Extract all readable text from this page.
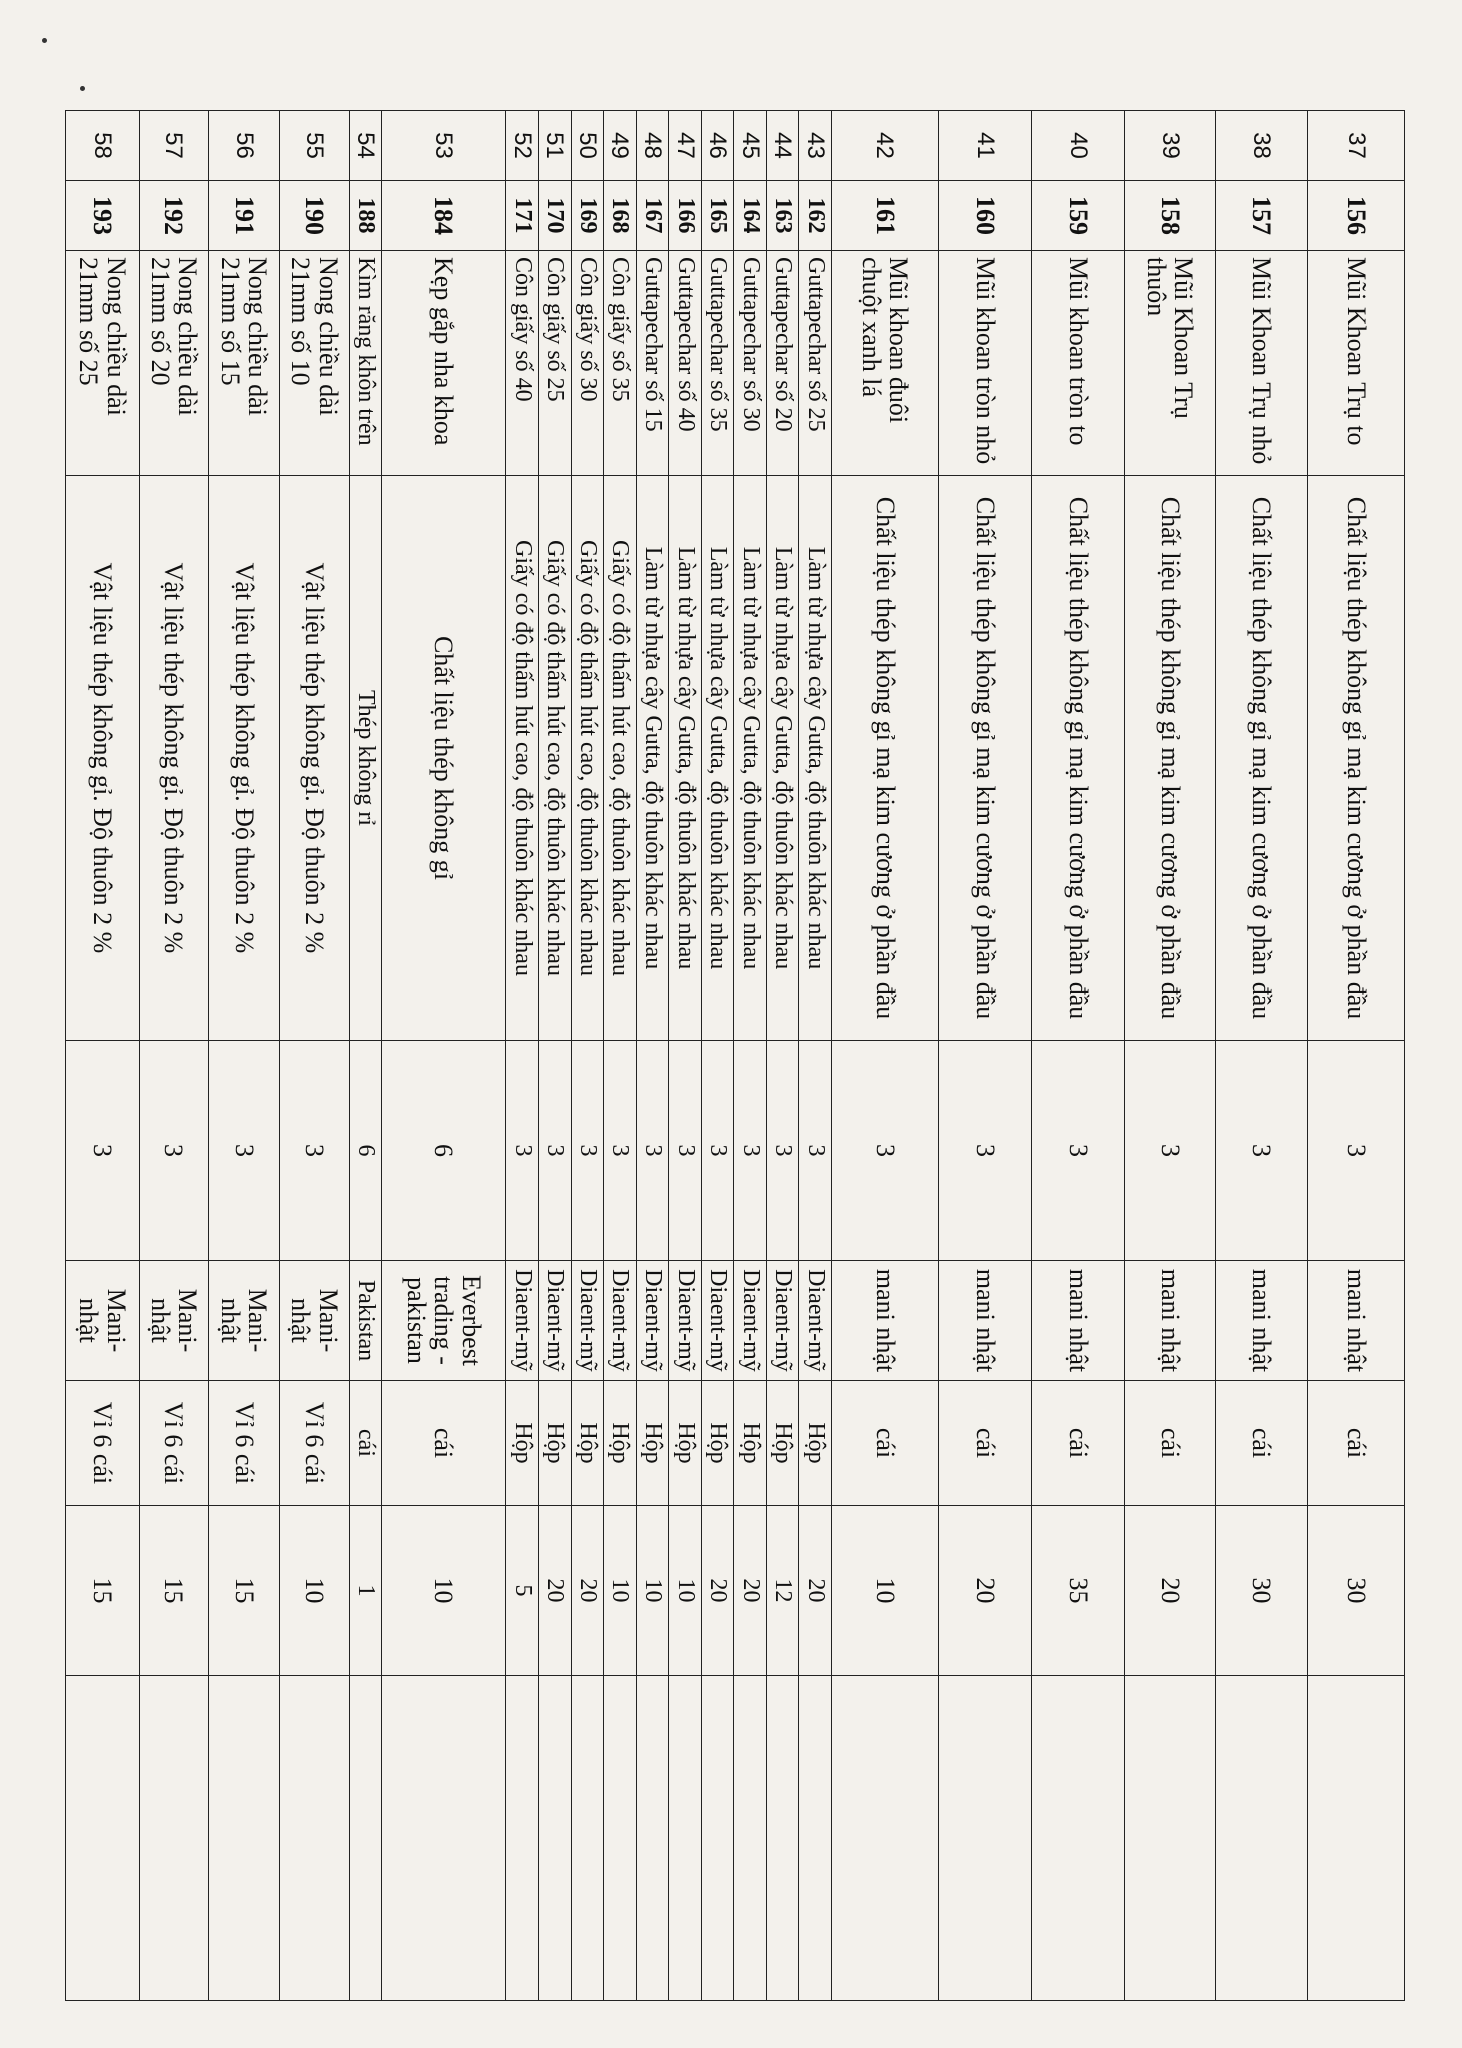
37	156	Mũi Khoan Trụ to	Chất liệu thép không gỉ mạ kim cương ở phần đầu	3	mani nhật	cái	30	
38	157	Mũi Khoan Trụ nhỏ	Chất liệu thép không gỉ mạ kim cương ở phần đầu	3	mani nhật	cái	30	
39	158	Mũi Khoan Trụ thuôn	Chất liệu thép không gỉ mạ kim cương ở phần đầu	3	mani nhật	cái	20	
40	159	Mũi khoan tròn to	Chất liệu thép không gỉ mạ kim cương ở phần đầu	3	mani nhật	cái	35	
41	160	Mũi khoan tròn nhỏ	Chất liệu thép không gỉ mạ kim cương ở phần đầu	3	mani nhật	cái	20	
42	161	Mũi khoan đuôi chuột xanh lá	Chất liệu thép không gỉ mạ kim cương ở phần đầu	3	mani nhật	cái	10	
43	162	Guttapechar số 25	Làm từ nhựa cây Gutta, độ thuôn khác nhau	3	Diaent-mỹ	Hộp	20	
44	163	Guttapechar số 20	Làm từ nhựa cây Gutta, độ thuôn khác nhau	3	Diaent-mỹ	Hộp	12	
45	164	Guttapechar số 30	Làm từ nhựa cây Gutta, độ thuôn khác nhau	3	Diaent-mỹ	Hộp	20	
46	165	Guttapechar số 35	Làm từ nhựa cây Gutta, độ thuôn khác nhau	3	Diaent-mỹ	Hộp	20	
47	166	Guttapechar số 40	Làm từ nhựa cây Gutta, độ thuôn khác nhau	3	Diaent-mỹ	Hộp	10	
48	167	Guttapechar số 15	Làm từ nhựa cây Gutta, độ thuôn khác nhau	3	Diaent-mỹ	Hộp	10	
49	168	Côn giấy số 35	Giấy có độ thấm hút cao, độ thuôn khác nhau	3	Diaent-mỹ	Hộp	10	
50	169	Côn giấy số 30	Giấy có độ thấm hút cao, độ thuôn khác nhau	3	Diaent-mỹ	Hộp	20	
51	170	Côn giấy số 25	Giấy có độ thấm hút cao, độ thuôn khác nhau	3	Diaent-mỹ	Hộp	20	
52	171	Côn giấy số 40	Giấy có độ thấm hút cao, độ thuôn khác nhau	3	Diaent-mỹ	Hộp	5	
53	184	Kẹp gắp nha khoa	Chất liệu thép không gỉ	6	Everbest trading - pakistan	cái	10	
54	188	Kìm răng khôn trên	Thép không rỉ	6	Pakistan	cái	1	
55	190	Nong chiều dài 21mm số 10	Vật liệu thép không gỉ. Độ thuôn 2 %	3	Mani- nhật	Vỉ 6 cái	10	
56	191	Nong chiều dài 21mm số 15	Vật liệu thép không gỉ. Độ thuôn 2 %	3	Mani- nhật	Vỉ 6 cái	15	
57	192	Nong chiều dài 21mm số 20	Vật liệu thép không gỉ. Độ thuôn 2 %	3	Mani- nhật	Vỉ 6 cái	15	
58	193	Nong chiều dài 21mm số 25	Vật liệu thép không gỉ. Độ thuôn 2 %	3	Mani- nhật	Vỉ 6 cái	15	
